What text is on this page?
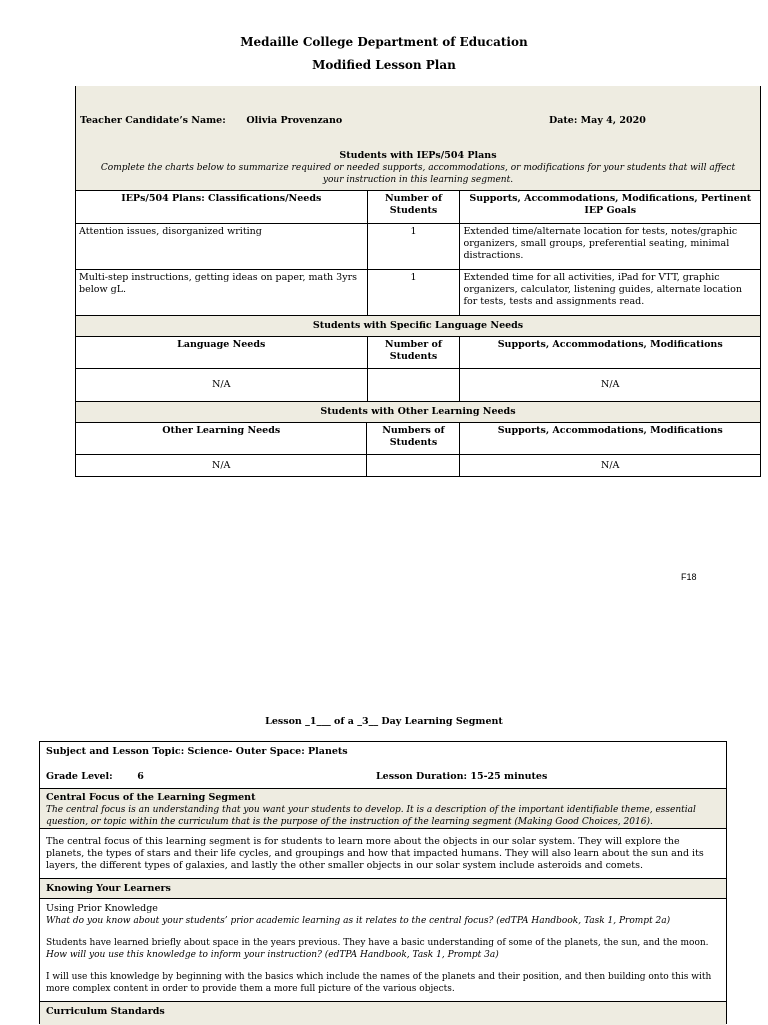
Medaille College Department of Education
Modified Lesson Plan
Teacher Candidate’s Name: Olivia Provenzano	Date: May 4, 2020
Students with IEPs/504 Plans
Complete the charts below to summarize required or needed supports, accommodations, or modifications for your students that will affect your instruction in this learning segment.
IEPs/504 Plans: Classifications/Needs	Number of Students	Supports, Accommodations, Modifications, Pertinent IEP Goals
Attention issues, disorganized writing	1	Extended time/alternate location for tests, notes/graphic organizers, small groups, preferential seating, minimal distractions.
Multi-step instructions, getting ideas on paper, math 3yrs below gL.	1	Extended time for all activities, iPad for VTT, graphic organizers, calculator, listening guides, alternate location for tests, tests and assignments read.
Students with Specific Language Needs
Language Needs	Number of Students	Supports, Accommodations, Modifications
N/A		N/A
Students with Other Learning Needs
Other Learning Needs	Numbers of Students	Supports, Accommodations, Modifications
N/A		N/A
F18
Lesson _1___ of a _3__ Day Learning Segment
Subject and Lesson Topic: Science- Outer Space: Planets
Grade Level:	6	Lesson Duration: 15-25 minutes
Central Focus of the Learning Segment
The central focus is an understanding that you want your students to develop. It is a description of the important identifiable theme, essential question, or topic within the curriculum that is the purpose of the instruction of the learning segment (Making Good Choices, 2016).
The central focus of this learning segment is for students to learn more about the objects in our solar system. They will explore the planets, the types of stars and their life cycles, and groupings and how that impacted humans. They will also learn about the sun and its layers, the different types of galaxies, and lastly the other smaller objects in our solar system include asteroids and comets.
Knowing Your Learners
Using Prior Knowledge
What do you know about your students’ prior academic learning as it relates to the central focus? (edTPA Handbook, Task 1, Prompt 2a)
Students have learned briefly about space in the years previous. They have a basic understanding of some of the planets, the sun, and the moon.
How will you use this knowledge to inform your instruction? (edTPA Handbook, Task 1, Prompt 3a)
I will use this knowledge by beginning with the basics which include the names of the planets and their position, and then building onto this with more complex content in order to provide them a more full picture of the various objects.
Curriculum Standards
